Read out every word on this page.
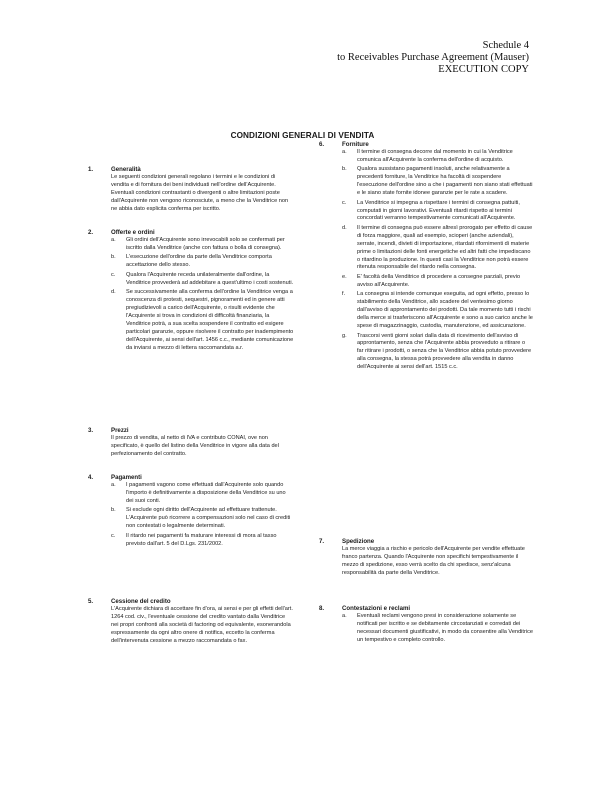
Schedule 4
to Receivables Purchase Agreement (Mauser)
EXECUTION COPY
CONDIZIONI GENERALI DI VENDITA
1.	Generalità

Le seguenti condizioni generali regolano i termini e le condizioni di vendita e di fornitura dei beni individuati nell'ordine dell'Acquirente. Eventuali condizioni contrastanti o divergenti o altre limitazioni poste dall'Acquirente non vengono riconosciute, a meno che la Venditrice non ne abbia dato esplicita conferma per iscritto.

2.	Offerte e ordini
a. Gli ordini dell'Acquirente sono irrevocabili solo se confermati per iscritto dalla Venditrice (anche con fattura o bolla di consegna).
b. L'esecuzione dell'ordine da parte della Venditrice comporta accettazione dello stesso.
c. Qualora l'Acquirente receda unilateralmente dall'ordine, la Venditrice provvederà ad addebitare a quest'ultimo i costi sostenuti.
d. Se successivamente alla conferma dell'ordine la Venditrice venga a conoscenza di protesti, sequestri, pignoramenti ed in genere atti pregiudizievoli a carico dell'Acquirente, o risulti evidente che l'Acquirente si trova in condizioni di difficoltà finanziaria, la Venditrice potrà, a sua scelta sospendere il contratto ed esigere particolari garanzie, oppure risolvere il contratto per inadempimento dell'Acquirente, ai sensi dell'art. 1456 c.c., mediante comunicazione da inviarsi a mezzo di lettera raccomandata a.r.
3.	Prezzi

Il prezzo di vendita, al netto di IVA e contributo CONAI, ove non specificato, è quello del listino della Venditrice in vigore alla data del perfezionamento del contratto.

4.	Pagamenti
a. I pagamenti vagono come effettuati dall'Acquirente solo quando l'importo è definitivamente a disposizione della Venditrice su uno dei suoi conti.
b. Si esclude ogni diritto dell'Acquirente ad effettuare trattenute. L'Acquirente può ricorrere a compensazioni solo nel caso di crediti non contestati o legalmente determinati.
c. Il ritardo nei pagamenti fa maturare interessi di mora al tasso previsto dall'art. 5 del D.Lgs. 231/2002.
5.	Cessione del credito

L'Acquirente dichiara di accettare fin d'ora, ai sensi e per gli effetti dell'art. 1264 cod. civ., l'eventuale cessione del credito vantato dalla Venditrice nei propri confronti alla società di factoring od equivalente, esonerandola espressamente da ogni altro onere di notifica, eccetto la conferma dell'intervenuta cessione a mezzo raccomandata o fax.

6.	Forniture
a. Il termine di consegna decorre dal momento in cui la Venditrice comunica all'Acquirente la conferma dell'ordine di acquisto.
b. Qualora sussistano pagamenti insoluti, anche relativamente a precedenti forniture, la Venditrice ha facoltà di sospendere l'esecuzione dell'ordine sino a che i pagamenti non siano stati effettuati e le siano state fornite idonee garanzie per le rate a scadere.
c. La Venditrice si impegna a rispettare i termini di consegna pattuiti, computati in giorni lavorativi. Eventuali ritardi rispetto ai termini concordati verranno tempestivamente comunicati all'Acquirente.
d. Il termine di consegna può essere altresì prorogato per effetto di cause di forza maggiore, quali ad esempio, scioperi (anche aziendali), serrate, incendi, divieti di importazione, ritardati rifornimenti di materie prime o limitazioni delle fonti energetiche ed altri fatti che impediscano o ritardino la produzione. In questi casi la Venditrice non potrà essere ritenuta responsabile del ritardo nella consegna.
e. E' facoltà della Venditrice di procedere a consegne parziali, previo avviso all'Acquirente.
f. La consegna si intende comunque eseguita, ad ogni effetto, presso lo stabilimento della Venditrice, allo scadere del ventesimo giorno dall'avviso di approntamento dei prodotti. Da tale momento tutti i rischi della merce si trasferiscono all'Acquirente e sono a suo carico anche le spese di magazzinaggio, custodia, manutenzione, ed assicurazione.
g. Trascorsi venti giorni solari dalla data di ricevimento dell'avviso di approntamento, senza che l'Acquirente abbia provveduto a ritirare o far ritirare i prodotti, o senza che la Venditrice abbia potuto provvedere alla consegna, la stessa potrà provvedere alla vendita in danno dell'Acquirente ai sensi dell'art. 1515 c.c.
7.	Spedizione

La merce viaggia a rischio e pericolo dell'Acquirente per vendite effettuate franco partenza. Quando l'Acquirente non specifichi tempestivamente il mezzo di spedizione, esso verrà scelto da chi spedisce, senz'alcuna responsabilità da parte della Venditrice.

8.	Contestazioni e reclami
a. Eventuali reclami vengono presi in considerazione solamente se notificati per iscritto e se debitamente circostanziati e corredati dei necessari documenti giustificativi, in modo da consentire alla Venditrice un tempestivo e completo controllo.
